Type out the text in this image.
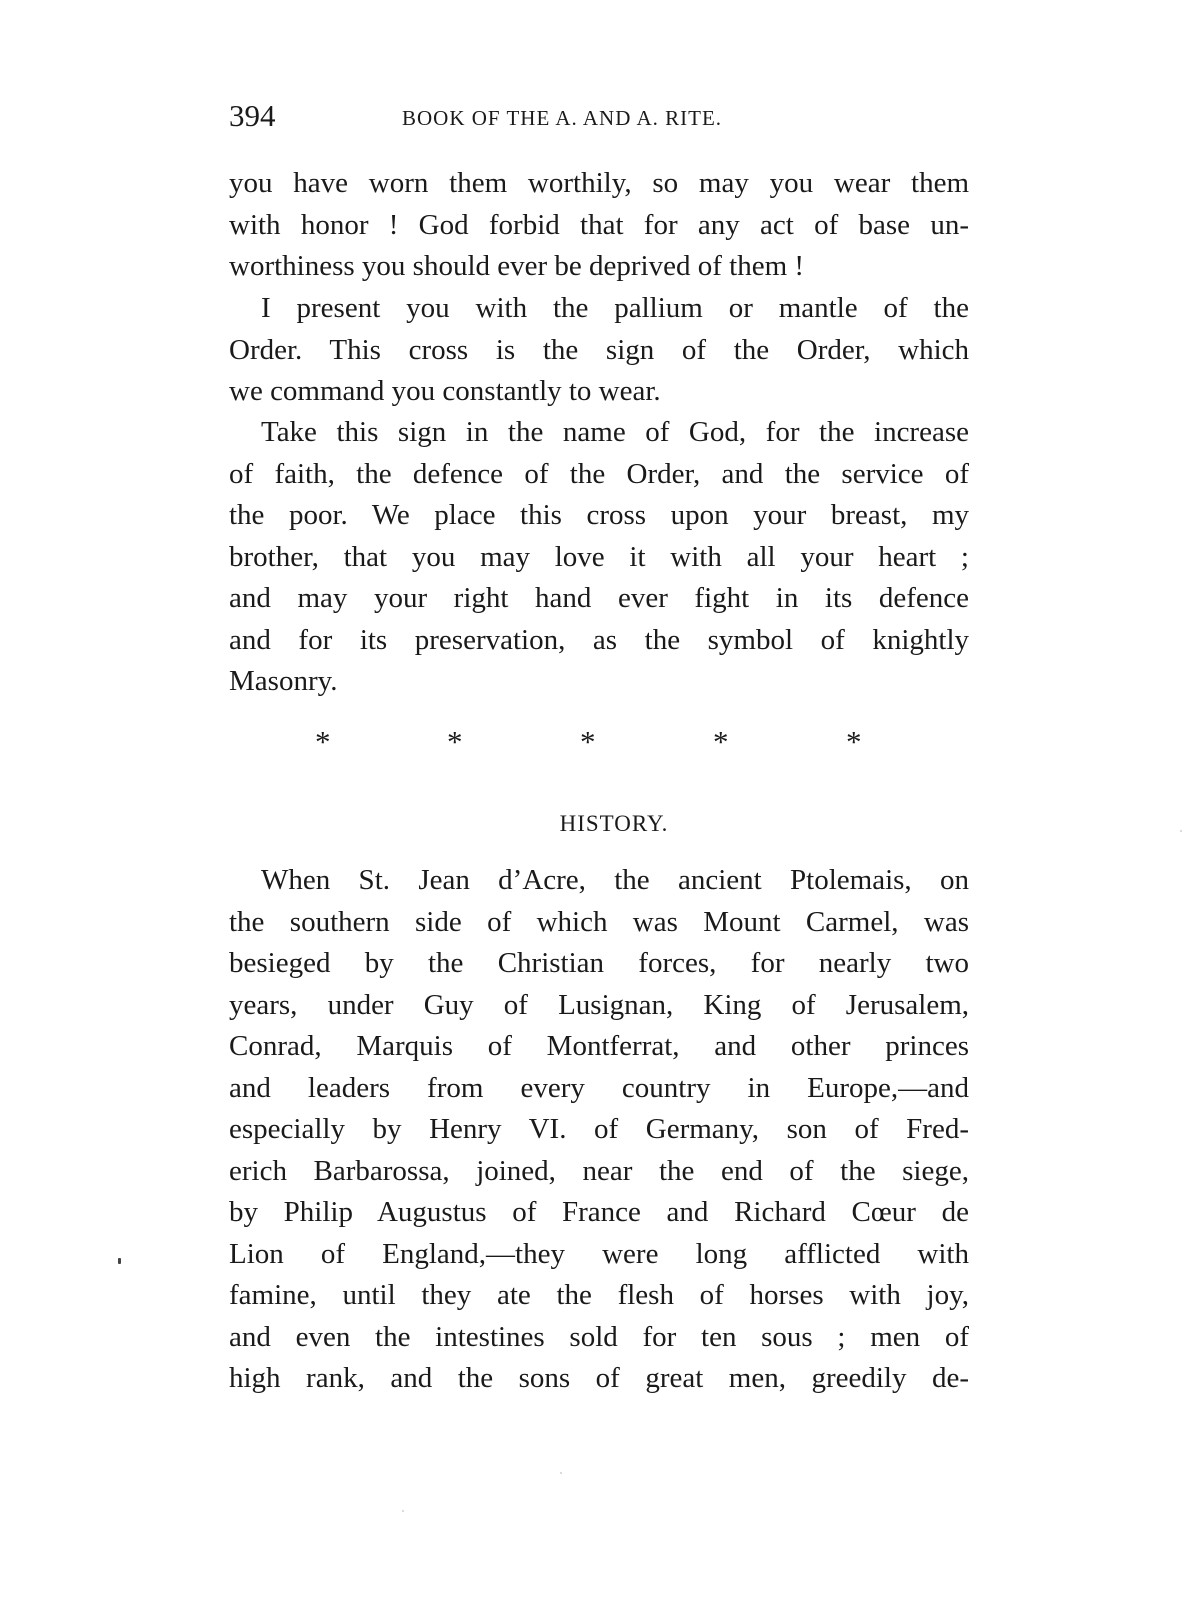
394	BOOK OF THE A. AND A. RITE.
you have worn them worthily, so may you wear them
with honor ! God forbid that for any act of base un-
worthiness you should ever be deprived of them !
I present you with the pallium or mantle of the
Order. This cross is the sign of the Order, which
we command you constantly to wear.
Take this sign in the name of God, for the increase
of faith, the defence of the Order, and the service of
the poor. We place this cross upon your breast, my
brother, that you may love it with all your heart ;
and may your right hand ever fight in its defence
and for its preservation, as the symbol of knightly
Masonry.
*	*	*	*	*
HISTORY.
When St. Jean d’Acre, the ancient Ptolemais, on
the southern side of which was Mount Carmel, was
besieged by the Christian forces, for nearly two
years, under Guy of Lusignan, King of Jerusalem,
Conrad, Marquis of Montferrat, and other princes
and leaders from every country in Europe,—and
especially by Henry VI. of Germany, son of Fred-
erich Barbarossa, joined, near the end of the siege,
by Philip Augustus of France and Richard Cœur de
Lion of England,—they were long afflicted with
famine, until they ate the flesh of horses with joy,
and even the intestines sold for ten sous ; men of
high rank, and the sons of great men, greedily de-
